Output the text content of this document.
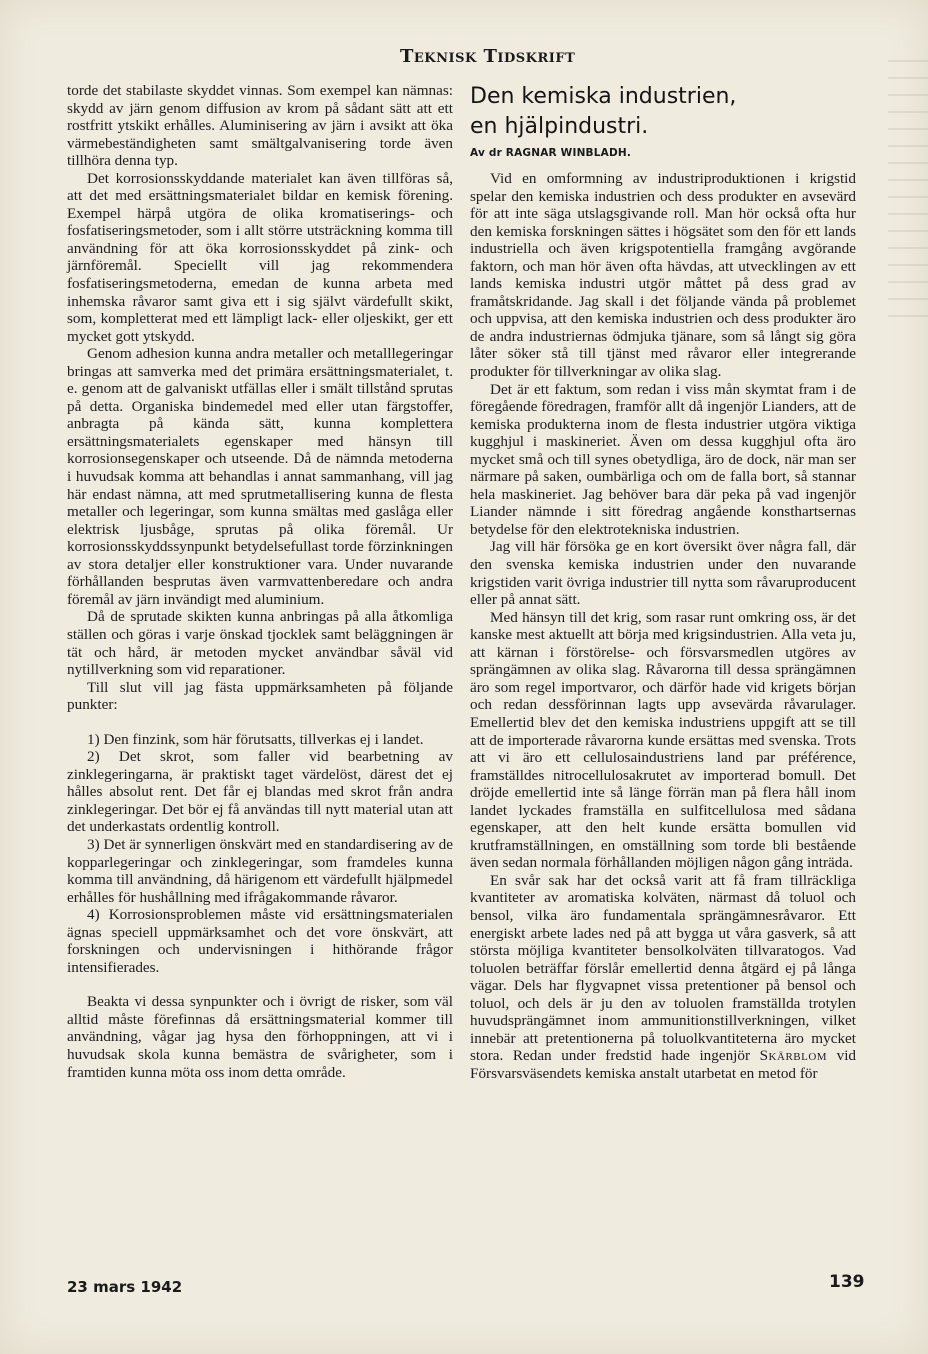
Teknisk Tidskrift

torde det stabilaste skyddet vinnas. Som exempel kan nämnas: skydd av järn genom diffusion av krom på sådant sätt att ett rostfritt ytskikt erhålles. Aluminisering av järn i avsikt att öka värmebeständigheten samt smältgalvanisering torde även tillhöra denna typ.

Det korrosionsskyddande materialet kan även tillföras så, att det med ersättningsmaterialet bildar en kemisk förening. Exempel härpå utgöra de olika kromatiserings- och fosfatiseringsmetoder, som i allt större utsträckning komma till användning för att öka korrosionsskyddet på zink- och järnföremål. Speciellt vill jag rekommendera fosfatiseringsmetoderna, emedan de kunna arbeta med inhemska råvaror samt giva ett i sig självt värdefullt skikt, som, kompletterat med ett lämpligt lack- eller oljeskikt, ger ett mycket gott ytskydd.

Genom adhesion kunna andra metaller och metalllegeringar bringas att samverka med det primära ersättningsmaterialet, t. e. genom att de galvaniskt utfällas eller i smält tillstånd sprutas på detta. Organiska bindemedel med eller utan färgstoffer, anbragta på kända sätt, kunna komplettera ersättningsmaterialets egenskaper med hänsyn till korrosionsegenskaper och utseende. Då de nämnda metoderna i huvudsak komma att behandlas i annat sammanhang, vill jag här endast nämna, att med sprutmetallisering kunna de flesta metaller och legeringar, som kunna smältas med gaslåga eller elektrisk ljusbåge, sprutas på olika föremål. Ur korrosionsskyddssynpunkt betydelsefullast torde förzinkningen av stora detaljer eller konstruktioner vara. Under nuvarande förhållanden besprutas även varmvattenberedare och andra föremål av järn invändigt med aluminium.

Då de sprutade skikten kunna anbringas på alla åtkomliga ställen och göras i varje önskad tjocklek samt beläggningen är tät och hård, är metoden mycket användbar såväl vid nytillverkning som vid reparationer.

Till slut vill jag fästa uppmärksamheten på följande punkter:

1) Den finzink, som här förutsatts, tillverkas ej i landet.

2) Det skrot, som faller vid bearbetning av zinklegeringarna, är praktiskt taget värdelöst, därest det ej hålles absolut rent. Det får ej blandas med skrot från andra zinklegeringar. Det bör ej få användas till nytt material utan att det underkastats ordentlig kontroll.

3) Det är synnerligen önskvärt med en standardisering av de kopparlegeringar och zinklegeringar, som framdeles kunna komma till användning, då härigenom ett värdefullt hjälpmedel erhålles för hushållning med ifrågakommande råvaror.

4) Korrosionsproblemen måste vid ersättningsmaterialen ägnas speciell uppmärksamhet och det vore önskvärt, att forskningen och undervisningen i hithörande frågor intensifierades.

Beakta vi dessa synpunkter och i övrigt de risker, som väl alltid måste förefinnas då ersättningsmaterial kommer till användning, vågar jag hysa den förhoppningen, att vi i huvudsak skola kunna bemästra de svårigheter, som i framtiden kunna möta oss inom detta område.

Den kemiska industrien,
en hjälpindustri.
Av dr RAGNAR WINBLADH.

Vid en omformning av industriproduktionen i krigstid spelar den kemiska industrien och dess produkter en avsevärd för att inte säga utslagsgivande roll. Man hör också ofta hur den kemiska forskningen sättes i högsätet som den för ett lands industriella och även krigspotentiella framgång avgörande faktorn, och man hör även ofta hävdas, att utvecklingen av ett lands kemiska industri utgör måttet på dess grad av framåtskridande. Jag skall i det följande vända på problemet och uppvisa, att den kemiska industrien och dess produkter äro de andra industriernas ödmjuka tjänare, som så långt sig göra låter söker stå till tjänst med råvaror eller integrerande produkter för tillverkningar av olika slag.

Det är ett faktum, som redan i viss mån skymtat fram i de föregående föredragen, framför allt då ingenjör Lianders, att de kemiska produkterna inom de flesta industrier utgöra viktiga kugghjul i maskineriet. Även om dessa kugghjul ofta äro mycket små och till synes obetydliga, äro de dock, när man ser närmare på saken, oumbärliga och om de falla bort, så stannar hela maskineriet. Jag behöver bara där peka på vad ingenjör Liander nämnde i sitt föredrag angående konsthartsernas betydelse för den elektrotekniska industrien.

Jag vill här försöka ge en kort översikt över några fall, där den svenska kemiska industrien under den nuvarande krigstiden varit övriga industrier till nytta som råvaruproducent eller på annat sätt.

Med hänsyn till det krig, som rasar runt omkring oss, är det kanske mest aktuellt att börja med krigsindustrien. Alla veta ju, att kärnan i förstörelse- och försvarsmedlen utgöres av sprängämnen av olika slag. Råvarorna till dessa sprängämnen äro som regel importvaror, och därför hade vid krigets början och redan dessförinnan lagts upp avsevärda råvarulager. Emellertid blev det den kemiska industriens uppgift att se till att de importerade råvarorna kunde ersättas med svenska. Trots att vi äro ett cellulosaindustriens land par préférence, framställdes nitrocellulosakrutet av importerad bomull. Det dröjde emellertid inte så länge förrän man på flera håll inom landet lyckades framställa en sulfitcellulosa med sådana egenskaper, att den helt kunde ersätta bomullen vid krutframställningen, en omställning som torde bli bestående även sedan normala förhållanden möjligen någon gång inträda.

En svår sak har det också varit att få fram tillräckliga kvantiteter av aromatiska kolväten, närmast då toluol och bensol, vilka äro fundamentala sprängämnesråvaror. Ett energiskt arbete lades ned på att bygga ut våra gasverk, så att största möjliga kvantiteter bensolkolväten tillvaratogos. Vad toluolen beträffar förslår emellertid denna åtgärd ej på långa vägar. Dels har flygvapnet vissa pretentioner på bensol och toluol, och dels är ju den av toluolen framställda trotylen huvudsprängämnet inom ammunitionstillverkningen, vilket innebär att pretentionerna på toluolkvantiteterna äro mycket stora. Redan under fredstid hade ingenjör Skärblom vid Försvarsväsendets kemiska anstalt utarbetat en metod för

23 mars 1942	139
